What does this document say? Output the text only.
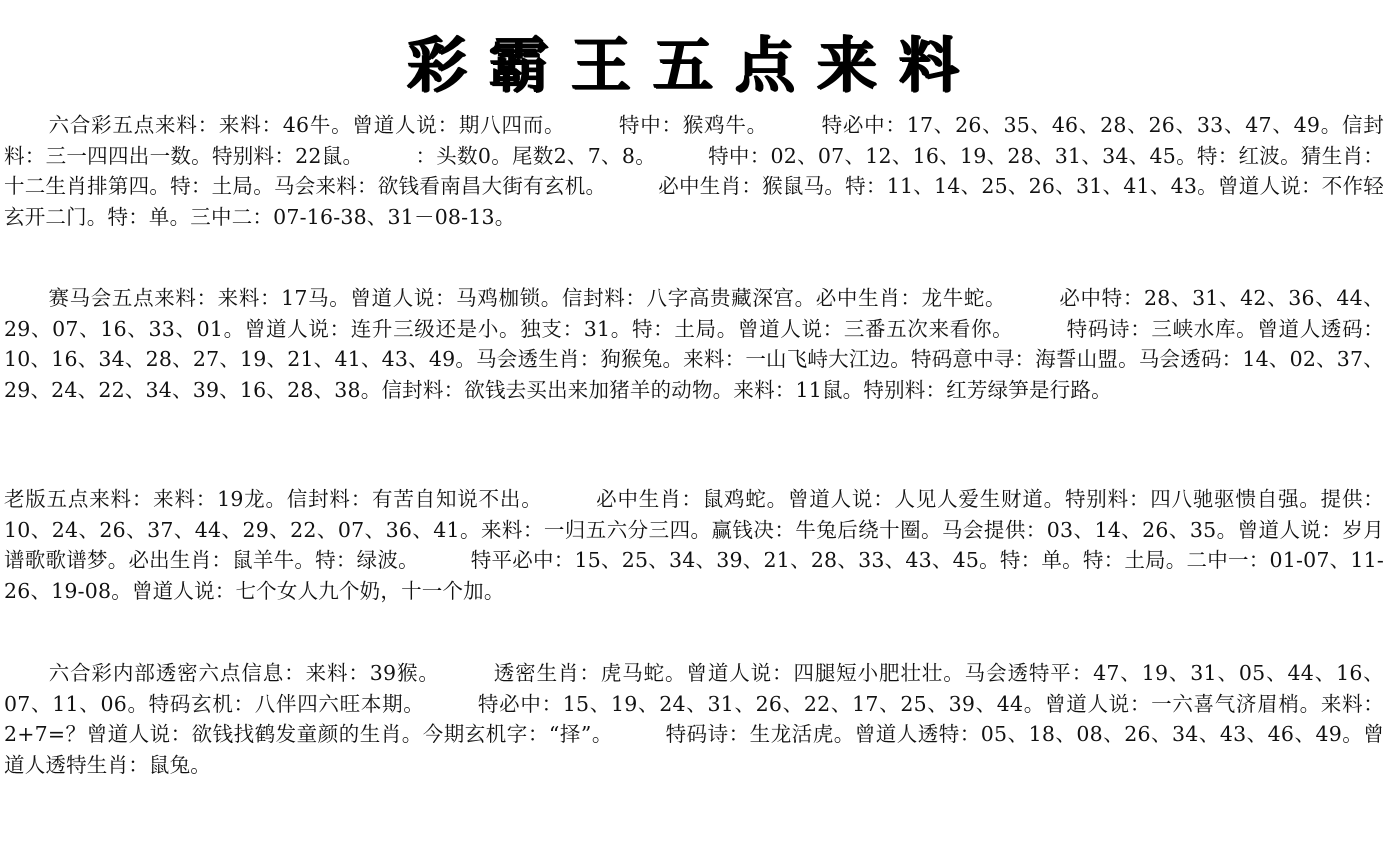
彩霸王五点来料
六合彩五点来料：来料：46牛。曾道人说：期八四而。　　　特中：猴鸡牛。　　　特必中：17、26、35、46、28、26、33、47、49。信封料：三一四四出一数。特别料：22鼠。　　　：头数0。尾数2、7、8。　　　特中：02、07、12、16、19、28、31、34、45。特：红波。猜生肖：十二生肖排第四。特：土局。马会来料：欲钱看南昌大街有玄机。　　　必中生肖：猴鼠马。特：11、14、25、26、31、41、43。曾道人说：不作轻玄开二门。特：单。三中二：07-16-38、31－08-13。
赛马会五点来料：来料：17马。曾道人说：马鸡枷锁。信封料：八字高贵藏深宫。必中生肖：龙牛蛇。　　　必中特：28、31、42、36、44、29、07、16、33、01。曾道人说：连升三级还是小。独支：31。特：土局。曾道人说：三番五次来看你。　　　特码诗：三峡水库。曾道人透码：10、16、34、28、27、19、21、41、43、49。马会透生肖：狗猴兔。来料：一山飞峙大江边。特码意中寻：海誓山盟。马会透码：14、02、37、29、24、22、34、39、16、28、38。信封料：欲钱去买出来加猪羊的动物。来料：11鼠。特别料：红芳绿笋是行路。
老版五点来料：来料：19龙。信封料：有苦自知说不出。　　　必中生肖：鼠鸡蛇。曾道人说：人见人爱生财道。特别料：四八驰驱愦自强。提供：10、24、26、37、44、29、22、07、36、41。来料：一归五六分三四。赢钱决：牛兔后绕十圈。马会提供：03、14、26、35。曾道人说：岁月谱歌歌谱梦。必出生肖：鼠羊牛。特：绿波。　　　特平必中：15、25、34、39、21、28、33、43、45。特：单。特：土局。二中一：01-07、11-26、19-08。曾道人说：七个女人九个奶，十一个加。
六合彩内部透密六点信息：来料：39猴。　　　透密生肖：虎马蛇。曾道人说：四腿短小肥壮壮。马会透特平：47、19、31、05、44、16、07、11、06。特码玄机：八伴四六旺本期。　　　特必中：15、19、24、31、26、22、17、25、39、44。曾道人说：一六喜气济眉梢。来料：2+7=？曾道人说：欲钱找鹤发童颜的生肖。今期玄机字：“择”。　　　特码诗：生龙活虎。曾道人透特：05、18、08、26、34、43、46、49。曾道人透特生肖：鼠兔。
